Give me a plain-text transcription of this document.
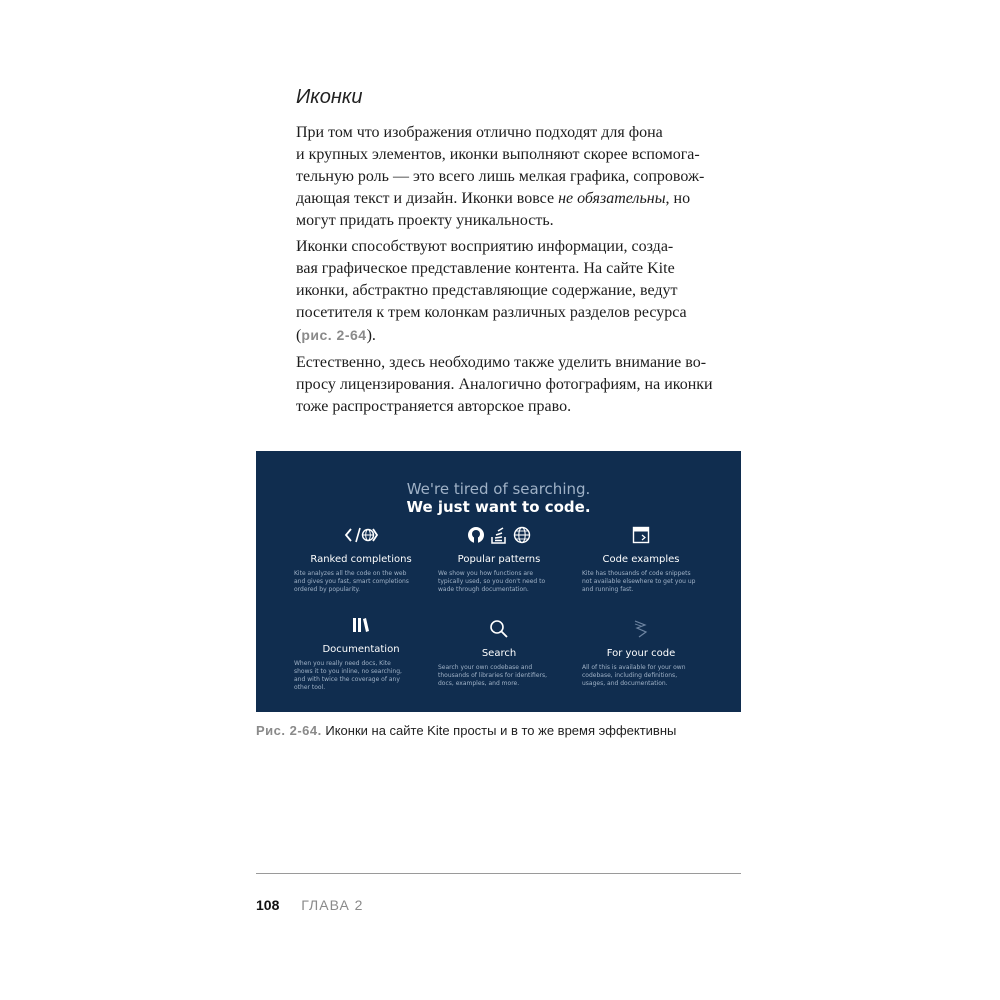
Иконки

При том что изображения отлично подходят для фона
и крупных элементов, иконки выполняют скорее вспомога-
тельную роль — это всего лишь мелкая графика, сопровож-
дающая текст и дизайн. Иконки вовсе не обязательны, но
могут придать проекту уникальность.

Иконки способствуют восприятию информации, созда-
вая графическое представление контента. На сайте Kite
иконки, абстрактно представляющие содержание, ведут
посетителя к трем колонкам различных разделов ресурса
(рис. 2-64).

Естественно, здесь необходимо также уделить внимание во-
просу лицензирования. Аналогично фотографиям, на иконки
тоже распространяется авторское право.

We're tired of searching.
We just want to code.
Ranked completions
Kite analyzes all the code on the web
and gives you fast, smart completions
ordered by popularity.
Popular patterns
We show you how functions are
typically used, so you don't need to
wade through documentation.
Code examples
Kite has thousands of code snippets
not available elsewhere to get you up
and running fast.
Documentation
When you really need docs, Kite
shows it to you inline, no searching,
and with twice the coverage of any
other tool.
Search
Search your own codebase and
thousands of libraries for identifiers,
docs, examples, and more.
For your code
All of this is available for your own
codebase, including definitions,
usages, and documentation.
Рис. 2-64. Иконки на сайте Kite просты и в то же время эффективны
108 ГЛАВА 2
